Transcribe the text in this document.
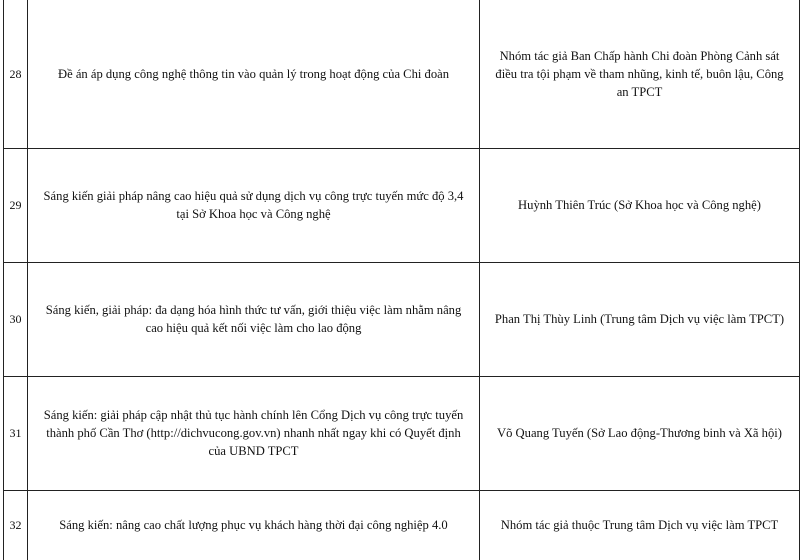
28	Đề án áp dụng công nghệ thông tin vào quản lý trong hoạt động của Chi đoàn	Nhóm tác giả Ban Chấp hành Chi đoàn Phòng Cảnh sát điều tra tội phạm về tham nhũng, kinh tế, buôn lậu, Công an TPCT
29	Sáng kiến giải pháp nâng cao hiệu quả sử dụng dịch vụ công trực tuyến mức độ 3,4 tại Sở Khoa học và Công nghệ	Huỳnh Thiên Trúc (Sở Khoa học và Công nghệ)
30	Sáng kiến, giải pháp: đa dạng hóa hình thức tư vấn, giới thiệu việc làm nhằm nâng cao hiệu quả kết nối việc làm cho lao động	Phan Thị Thùy Linh (Trung tâm Dịch vụ việc làm TPCT)
31	Sáng kiến: giải pháp cập nhật thủ tục hành chính lên Cổng Dịch vụ công trực tuyến thành phố Cần Thơ (http://dichvucong.gov.vn) nhanh nhất ngay khi có Quyết định của UBND TPCT	Võ Quang Tuyến (Sở Lao động-Thương binh và Xã hội)
32	Sáng kiến: nâng cao chất lượng phục vụ khách hàng thời đại công nghiệp 4.0	Nhóm tác giả thuộc Trung tâm Dịch vụ việc làm TPCT
